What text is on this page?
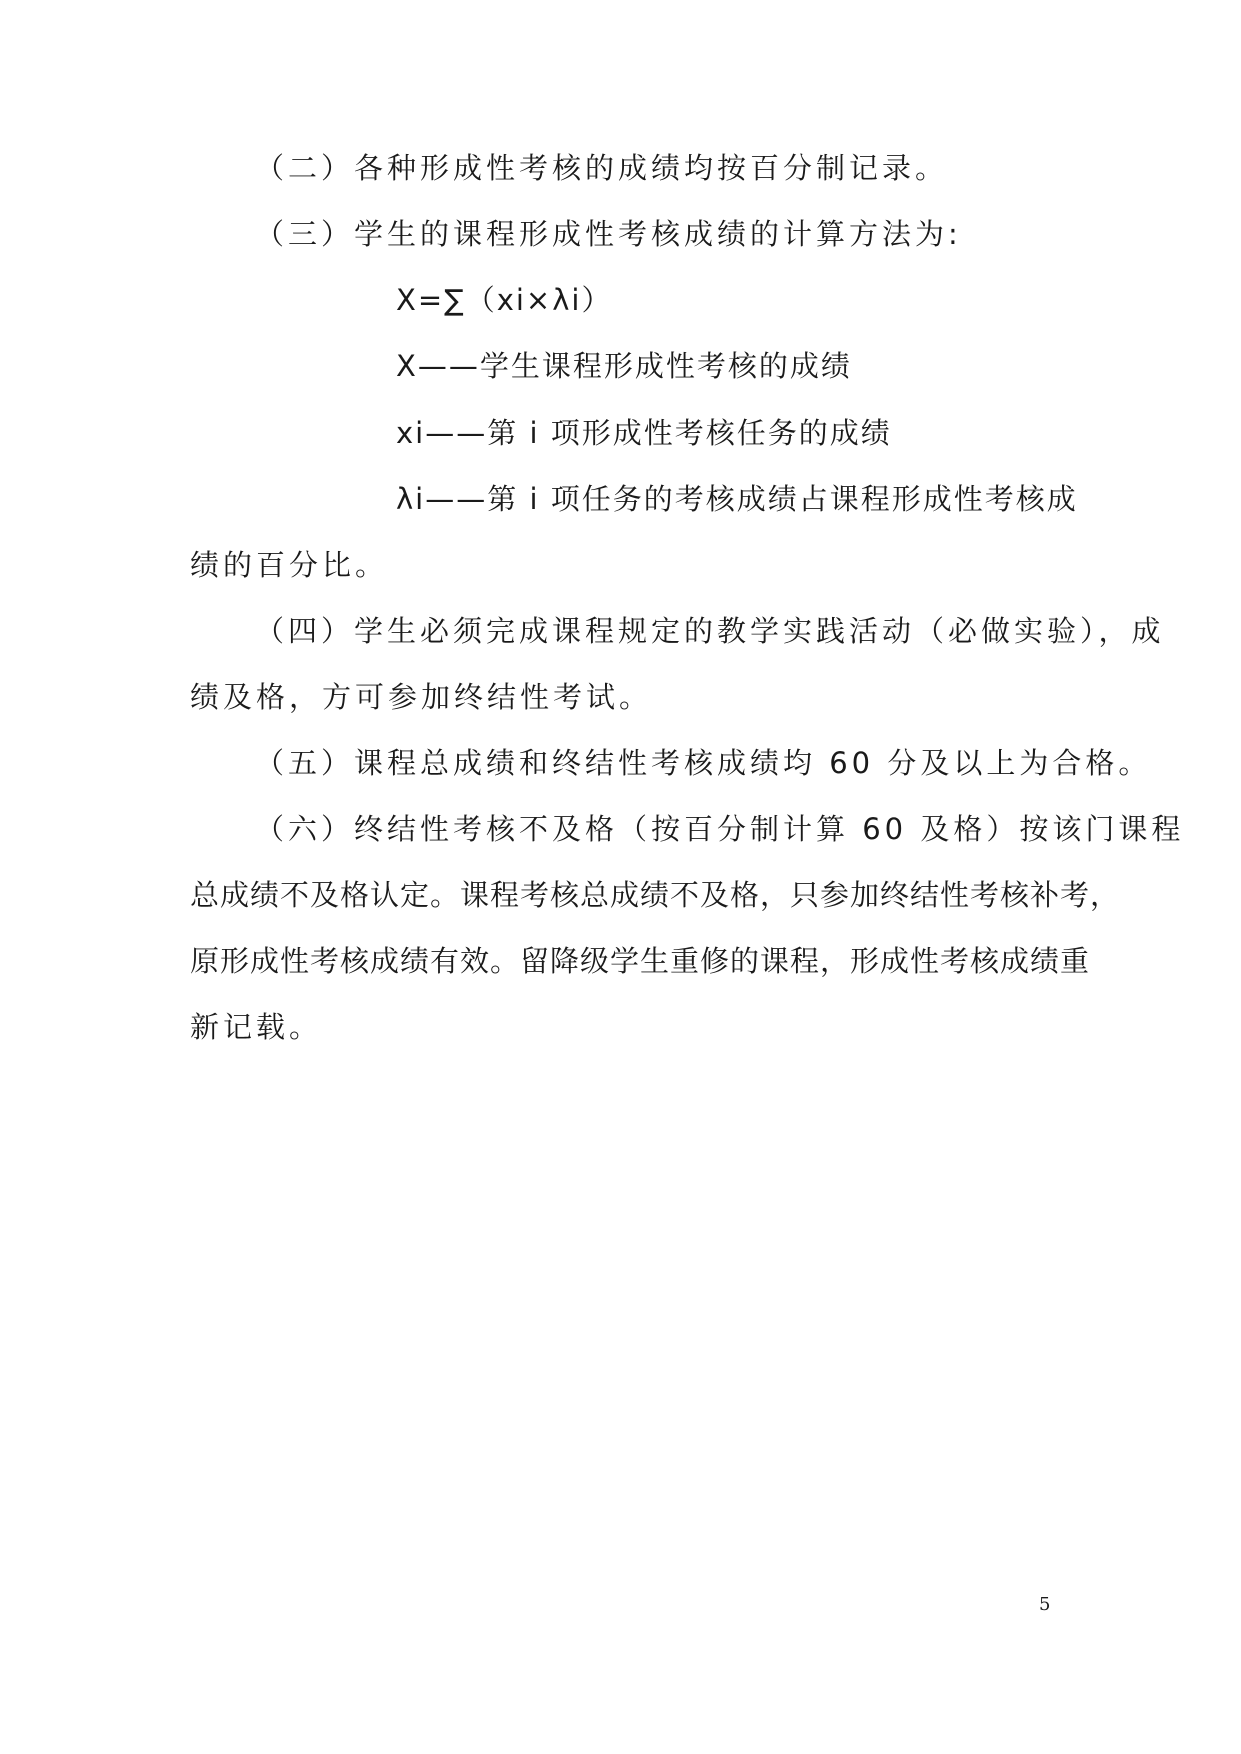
（二）各种形成性考核的成绩均按百分制记录。
（三）学生的课程形成性考核成绩的计算方法为:
X=∑（xi×λi）
X——学生课程形成性考核的成绩
xi——第 i 项形成性考核任务的成绩
λi——第 i 项任务的考核成绩占课程形成性考核成
绩的百分比。
（四）学生必须完成课程规定的教学实践活动（必做实验），成
绩及格，方可参加终结性考试。
（五）课程总成绩和终结性考核成绩均 60 分及以上为合格。
（六）终结性考核不及格（按百分制计算 60 及格）按该门课程
总成绩不及格认定。课程考核总成绩不及格，只参加终结性考核补考，
原形成性考核成绩有效。留降级学生重修的课程，形成性考核成绩重
新记载。
5
